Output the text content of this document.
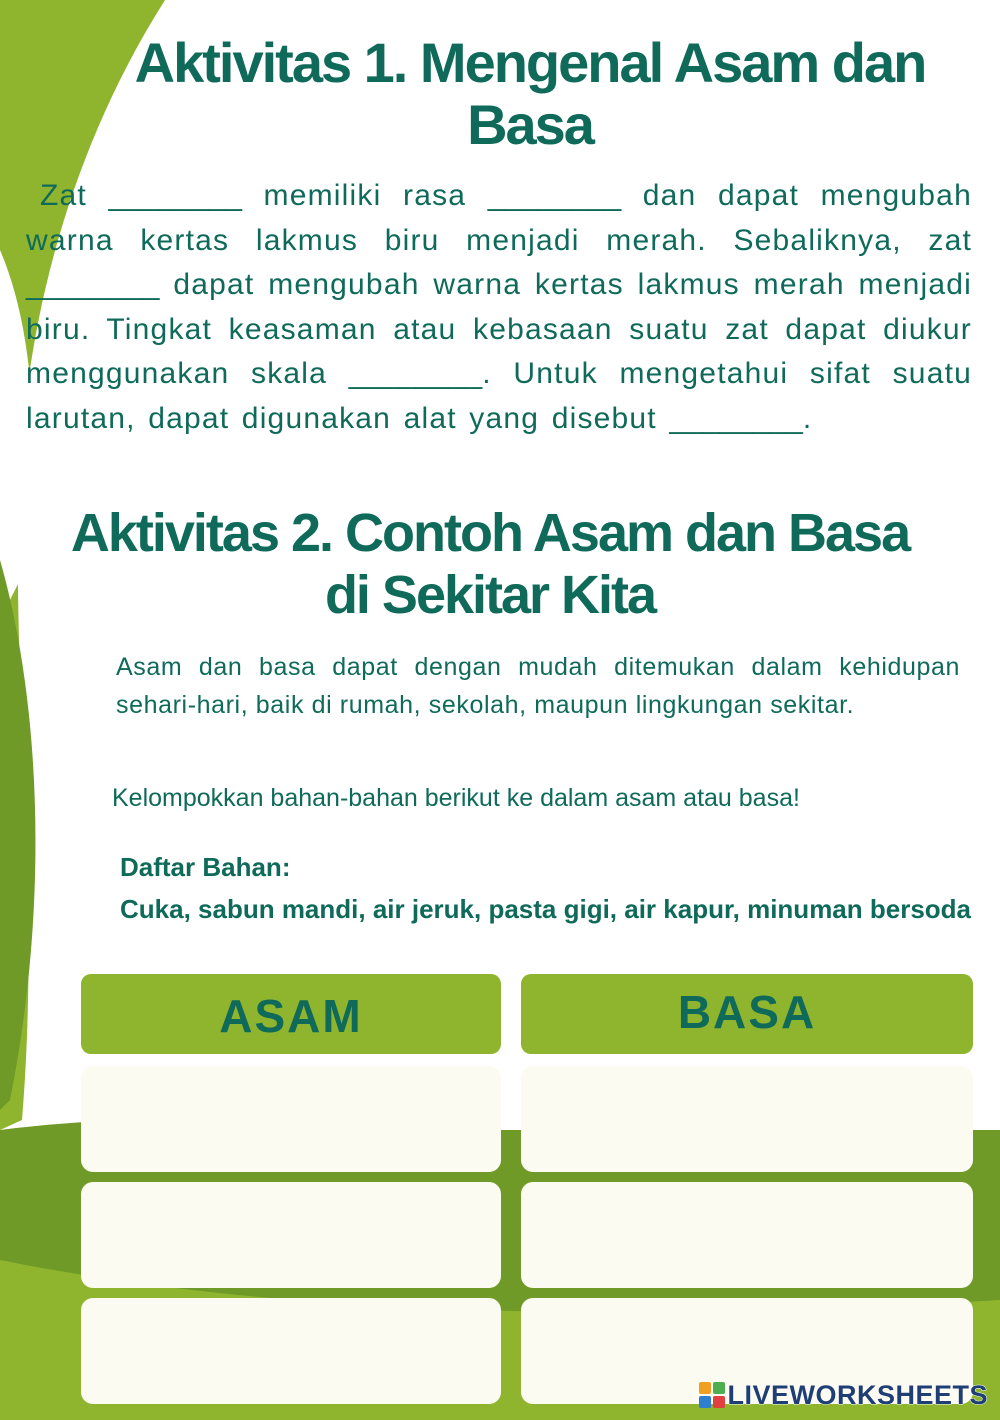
Aktivitas 1. Mengenal Asam dan
Basa

Zat ________ memiliki rasa ________ dan dapat mengubah warna kertas lakmus biru menjadi merah. Sebaliknya, zat ________ dapat mengubah warna kertas lakmus merah menjadi biru. Tingkat keasaman atau kebasaan suatu zat dapat diukur menggunakan skala ________. Untuk mengetahui sifat suatu larutan, dapat digunakan alat yang disebut ________.

Aktivitas 2. Contoh Asam dan Basa
di Sekitar Kita

Asam dan basa dapat dengan mudah ditemukan dalam kehidupan sehari-hari, baik di rumah, sekolah, maupun lingkungan sekitar.

Kelompokkan bahan-bahan berikut ke dalam asam atau basa!

Daftar Bahan:

Cuka, sabun mandi, air jeruk, pasta gigi, air kapur, minuman bersoda

ASAM	BASA
LIVEWORKSHEETS
